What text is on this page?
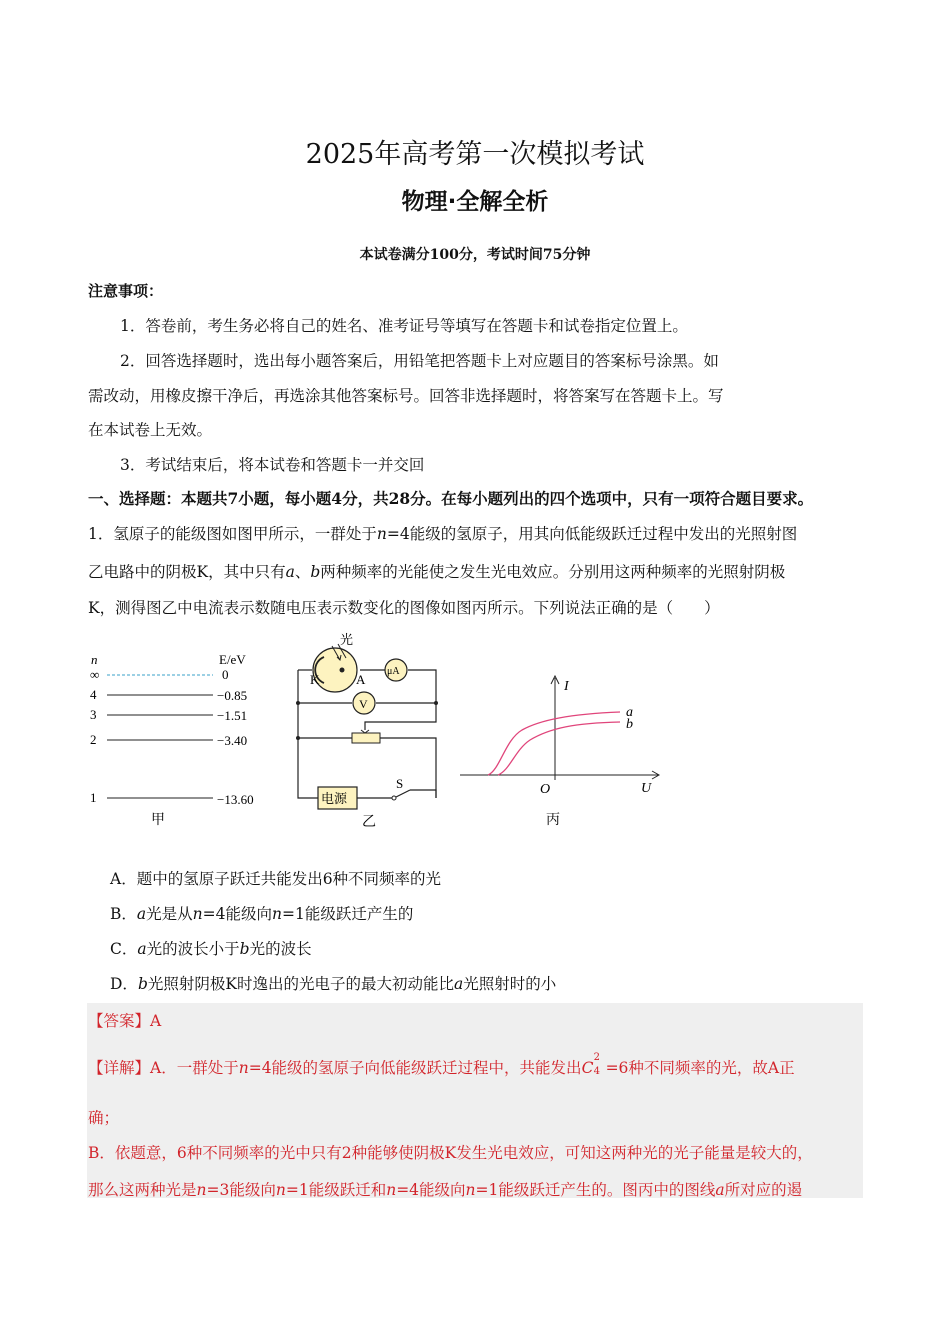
2025年高考第一次模拟考试
物理·全解全析
本试卷满分100分，考试时间75分钟
注意事项：
1．答卷前，考生务必将自己的姓名、准考证号等填写在答题卡和试卷指定位置上。
2．回答选择题时，选出每小题答案后，用铅笔把答题卡上对应题目的答案标号涂黑。如
需改动，用橡皮擦干净后，再选涂其他答案标号。回答非选择题时，将答案写在答题卡上。写
在本试卷上无效。
3．考试结束后，将本试卷和答题卡一并交回
一、选择题：本题共7小题，每小题4分，共28分。在每小题列出的四个选项中，只有一项符合题目要求。
1．氢原子的能级图如图甲所示，一群处于n=4能级的氢原子，用其向低能级跃迁过程中发出的光照射图
乙电路中的阴极K，其中只有a、b两种频率的光能使之发生光电效应。分别用这两种频率的光照射阴极
K，测得图乙中电流表示数随电压表示数变化的图像如图丙所示。下列说法正确的是（　　）
n	E/eV
∞
4
3
2
1
0
−0.85
−1.51
−3.40
−13.60
甲
光
K	A
μA
V
电源
S
乙
I
U
O
a
b
丙
A．题中的氢原子跃迁共能发出6种不同频率的光
B．a光是从n=4能级向n=1能级跃迁产生的
C．a光的波长小于b光的波长
D．b光照射阴极K时逸出的光电子的最大初动能比a光照射时的小
【答案】A
【详解】A．一群处于n=4能级的氢原子向低能级跃迁过程中，共能发出C
2
4 =6种不同频率的光，故A正
确；
B．依题意，6种不同频率的光中只有2种能够使阴极K发生光电效应，可知这两种光的光子能量是较大的，
那么这两种光是n=3能级向n=1能级跃迁和n=4能级向n=1能级跃迁产生的。图丙中的图线a所对应的遏
